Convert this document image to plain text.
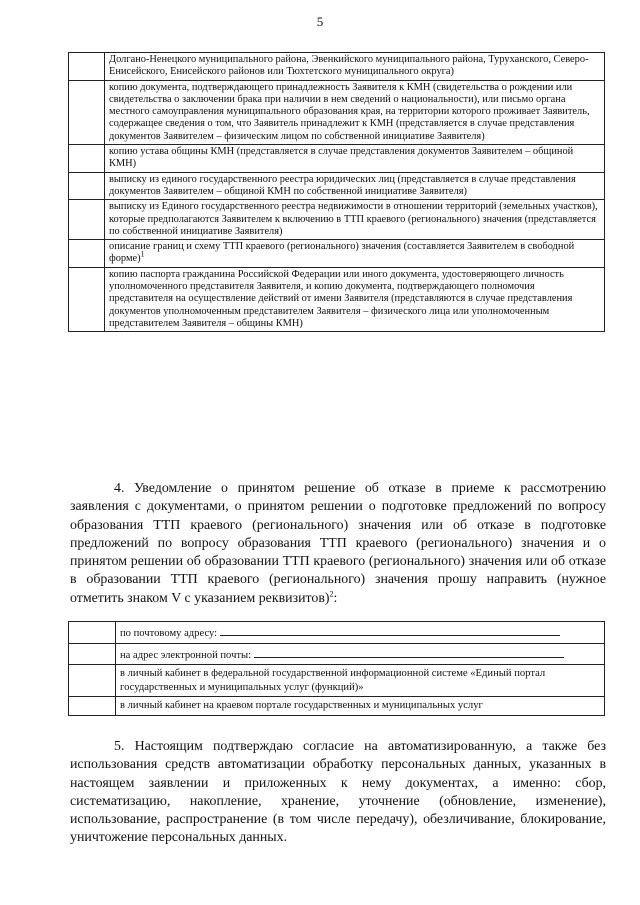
5
	Долгано-Ненецкого муниципального района, Эвенкийского муниципального района, Туруханского, Северо-Енисейского, Енисейского районов или Тюхтетского муниципального округа)
	копию документа, подтверждающего принадлежность Заявителя к КМН (свидетельства о рождении или свидетельства о заключении брака при наличии в нем сведений о национальности), или письмо органа местного самоуправления муниципального образования края, на территории которого проживает Заявитель, содержащее сведения о том, что Заявитель принадлежит к КМН (представляется в случае представления документов Заявителем – физическим лицом по собственной инициативе Заявителя)
	копию устава общины КМН (представляется в случае представления документов Заявителем – общиной КМН)
	выписку из единого государственного реестра юридических лиц (представляется в случае представления документов Заявителем – общиной КМН по собственной инициативе Заявителя)
	выписку из Единого государственного реестра недвижимости в отношении территорий (земельных участков), которые предполагаются Заявителем к включению в ТТП краевого (регионального) значения (представляется по собственной инициативе Заявителя)
	описание границ и схему ТТП краевого (регионального) значения (составляется Заявителем в свободной форме)$^1$
	копию паспорта гражданина Российской Федерации или иного документа, удостоверяющего личность уполномоченного представителя Заявителя, и копию документа, подтверждающего полномочия представителя на осуществление действий от имени Заявителя (представляются в случае представления документов уполномоченным представителем Заявителя – физического лица или уполномоченным представителем Заявителя – общины КМН)
4. Уведомление о принятом решение об отказе в приеме к рассмотрению заявления с документами, о принятом решении о подготовке предложений по вопросу образования ТТП краевого (регионального) значения или об отказе в подготовке предложений по вопросу образования ТТП краевого (регионального) значения и о принятом решении об образовании ТТП краевого (регионального) значения или об отказе в образовании ТТП краевого (регионального) значения прошу направить (нужное отметить знаком V с указанием реквизитов)$^2$:
	по почтовому адресу:
	на адрес электронной почты:
	в личный кабинет в федеральной государственной информационной системе «Единый портал государственных и муниципальных услуг (функций)»
	в личный кабинет на краевом портале государственных и муниципальных услуг
5. Настоящим подтверждаю согласие на автоматизированную, а также без использования средств автоматизации обработку персональных данных, указанных в настоящем заявлении и приложенных к нему документах, а именно: сбор, систематизацию, накопление, хранение, уточнение (обновление, изменение), использование, распространение (в том числе передачу), обезличивание, блокирование, уничтожение персональных данных.
